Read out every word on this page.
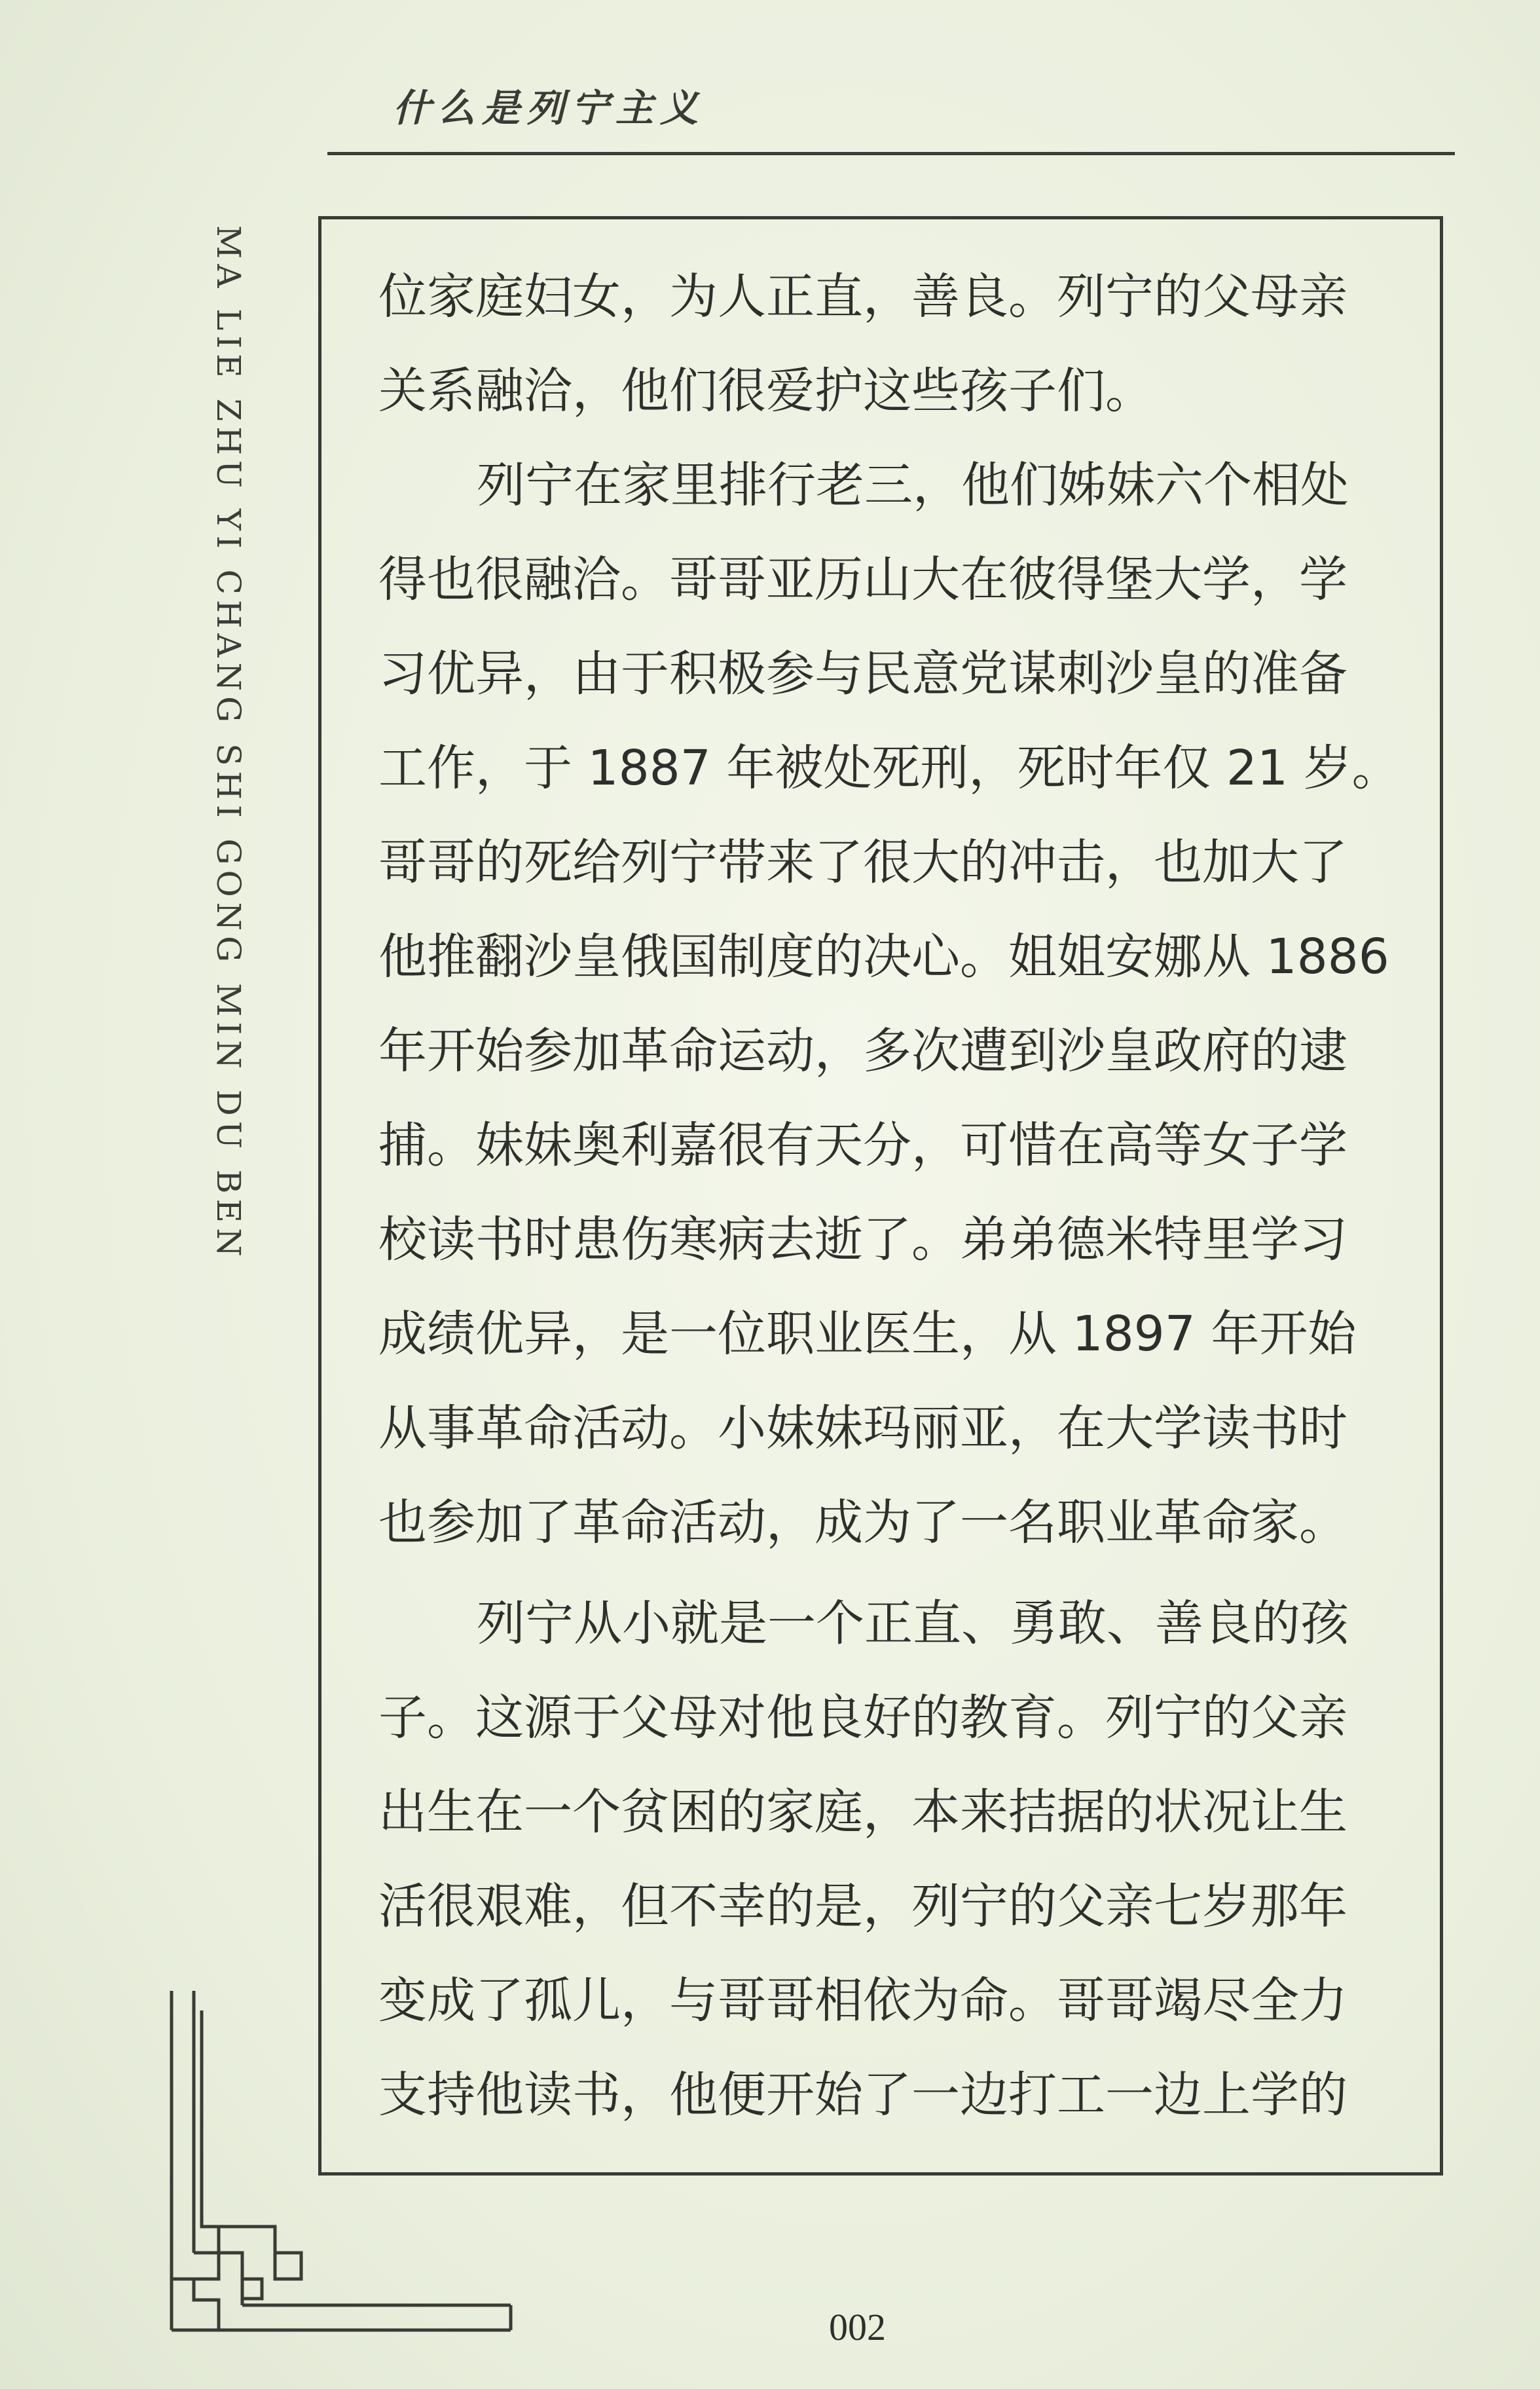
什么是列宁主义
MA LIE ZHU YI CHANG SHI GONG MIN DU BEN	位家庭妇女，为人正直，善良。列宁的父母亲
关系融洽，他们很爱护这些孩子们。
列宁在家里排行老三，他们姊妹六个相处
得也很融洽。哥哥亚历山大在彼得堡大学，学
习优异，由于积极参与民意党谋刺沙皇的准备
工作，于 1887 年被处死刑，死时年仅 21 岁。
哥哥的死给列宁带来了很大的冲击，也加大了
他推翻沙皇俄国制度的决心。姐姐安娜从 1886
年开始参加革命运动，多次遭到沙皇政府的逮
捕。妹妹奥利嘉很有天分，可惜在高等女子学
校读书时患伤寒病去逝了。弟弟德米特里学习
成绩优异，是一位职业医生，从 1897 年开始
从事革命活动。小妹妹玛丽亚，在大学读书时
也参加了革命活动，成为了一名职业革命家。
列宁从小就是一个正直、勇敢、善良的孩
子。这源于父母对他良好的教育。列宁的父亲
出生在一个贫困的家庭，本来拮据的状况让生
活很艰难，但不幸的是，列宁的父亲七岁那年
变成了孤儿，与哥哥相依为命。哥哥竭尽全力
支持他读书，他便开始了一边打工一边上学的
002
